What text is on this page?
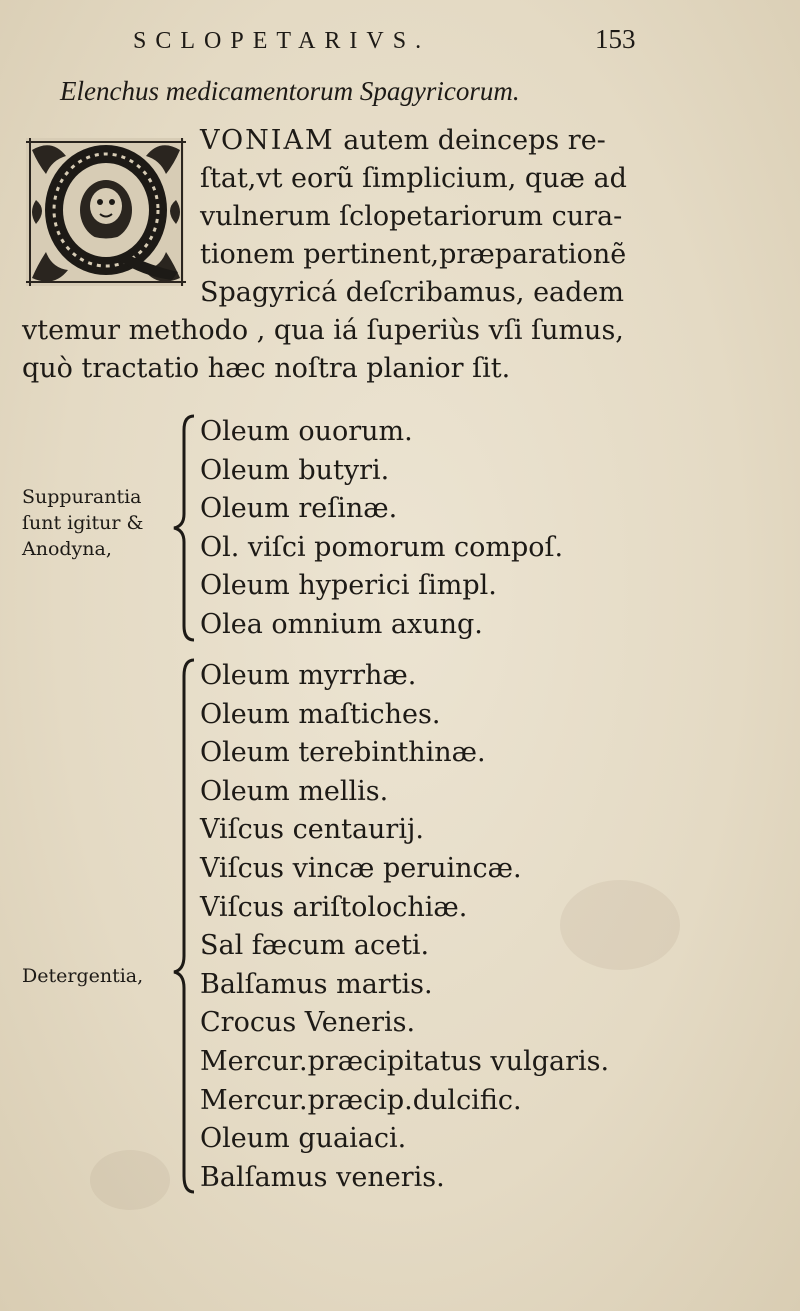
SCLOPETARIVS.	153
Elenchus medicamentorum Spagyricorum.
VONIAM autem deinceps re-
ſtat,vt eorũ ſimplicium, quæ ad
vulnerum ſclopetariorum cura-
tionem pertinent,præparationẽ
Spagyricá deſcribamus, eadem
vtemur methodo , qua iá ſuperiùs vſi ſumus,
quò tractatio hæc noſtra planior ſit.
Suppurantia
ſunt igitur &
Anodyna,
Oleum ouorum.
Oleum butyri.
Oleum reſinæ.
Ol. viſci pomorum compoſ.
Oleum hyperici ſimpl.
Olea omnium axung.
Detergentia,
Oleum myrrhæ.
Oleum maſtiches.
Oleum terebinthinæ.
Oleum mellis.
Viſcus centaurij.
Viſcus vincæ peruincæ.
Viſcus ariſtolochiæ.
Sal fæcum aceti.
Balſamus martis.
Crocus Veneris.
Mercur.præcipitatus vulgaris.
Mercur.præcip.dulcific.
Oleum guaiaci.
Balſamus veneris.
